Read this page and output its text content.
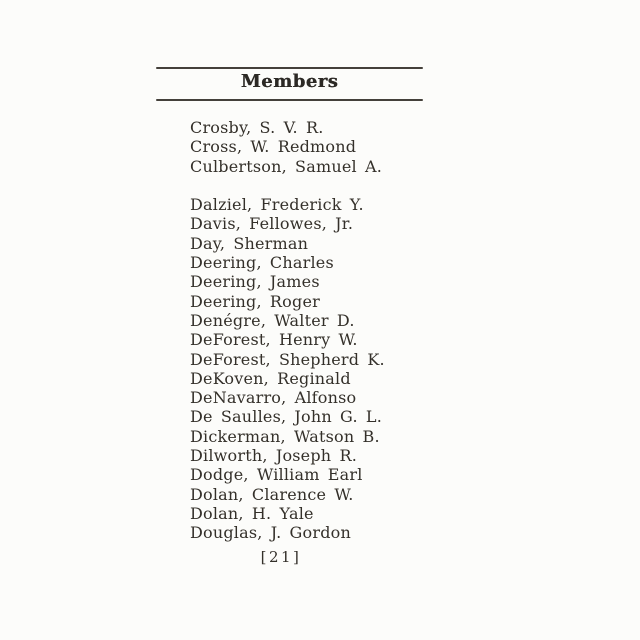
Members
Crosby, S. V. R.
Cross, W. Redmond
Culbertson, Samuel A.
Dalziel, Frederick Y.
Davis, Fellowes, Jr.
Day, Sherman
Deering, Charles
Deering, James
Deering, Roger
Denégre, Walter D.
DeForest, Henry W.
DeForest, Shepherd K.
DeKoven, Reginald
DeNavarro, Alfonso
De Saulles, John G. L.
Dickerman, Watson B.
Dilworth, Joseph R.
Dodge, William Earl
Dolan, Clarence W.
Dolan, H. Yale
Douglas, J. Gordon
[21]
